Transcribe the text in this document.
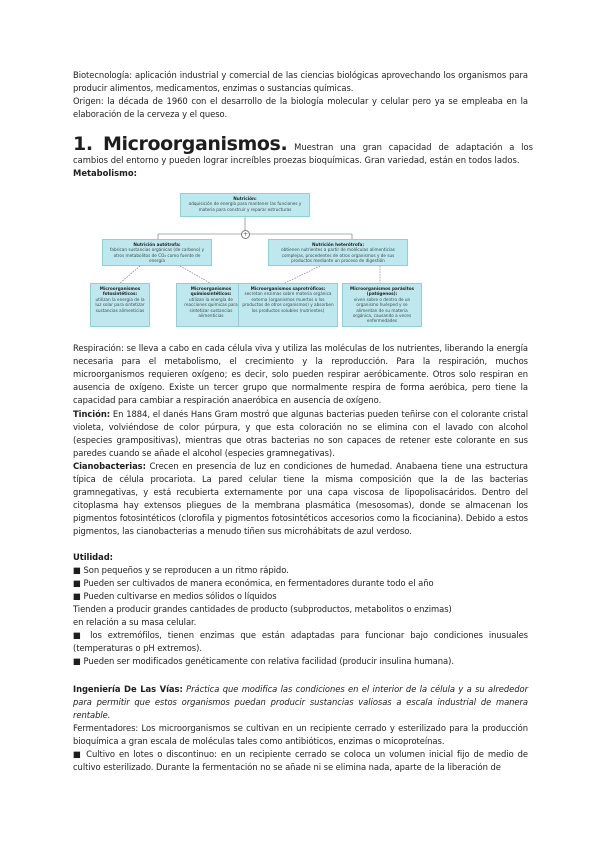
Biotecnología: aplicación industrial y comercial de las ciencias biológicas aprovechando los organismos para producir alimentos, medicamentos, enzimas o sustancias químicas.

Origen: la década de 1960 con el desarrollo de la biología molecular y celular pero ya se empleaba en la elaboración de la cerveza y el queso.

1. Microorganismos. Muestran una gran capacidad de adaptación a los cambios del entorno y pueden lograr increíbles proezas bioquímicas. Gran variedad, están en todos lados.
Metabolismo:
+
Nutrición:
adquisición de energía para mantener las funciones y materia para construir y reparar estructuras
Nutrición autótrofa:
fabrican sustancias orgánicas (de carbono) y otros metabolitos de CO₂ como fuente de energía
Nutrición heterótrofa:
obtienen nutrientes a partir de moléculas alimenticias complejas, procedentes de otros organismos y de sus productos mediante un proceso de digestión
Microorganismos fotosintéticos:
utilizan la energía de la luz solar para sintetizar sustancias alimenticias
Microorganismos quimiosintéticos:
utilizan la energía de reacciones químicas para sintetizar sustancias alimenticias
Microorganismos saprotróficos:
secretan enzimas sobre materia orgánica externa (organismos muertos o los productos de otros organismos) y absorben los productos solubles (nutrientes)
Microorganismos parásitos (patógenos):
viven sobre o dentro de un organismo huésped y se alimentan de su materia orgánica, causando a veces enfermedades

Respiración: se lleva a cabo en cada célula viva y utiliza las moléculas de los nutrientes, liberando la energía necesaria para el metabolismo, el crecimiento y la reproducción. Para la respiración, muchos microorganismos requieren oxígeno; es decir, solo pueden respirar aeróbicamente. Otros solo respiran en ausencia de oxígeno. Existe un tercer grupo que normalmente respira de forma aeróbica, pero tiene la capacidad para cambiar a respiración anaeróbica en ausencia de oxígeno.

Tinción: En 1884, el danés Hans Gram mostró que algunas bacterias pueden teñirse con el colorante cristal violeta, volviéndose de color púrpura, y que esta coloración no se elimina con el lavado con alcohol (especies grampositivas), mientras que otras bacterias no son capaces de retener este colorante en sus paredes cuando se añade el alcohol (especies gramnegativas).

Cianobacterias: Crecen en presencia de luz en condiciones de humedad. Anabaena tiene una estructura típica de célula procariota. La pared celular tiene la misma composición que la de las bacterias gramnegativas, y está recubierta externamente por una capa viscosa de lipopolisacáridos. Dentro del citoplasma hay extensos pliegues de la membrana plasmática (mesosomas), donde se almacenan los pigmentos fotosintéticos (clorofila y pigmentos fotosintéticos accesorios como la ficocianina). Debido a estos pigmentos, las cianobacterias a menudo tiñen sus microhábitats de azul verdoso.

Utilidad:

■ Son pequeños y se reproducen a un ritmo rápido.

■ Pueden ser cultivados de manera económica, en fermentadores durante todo el año

■ Pueden cultivarse en medios sólidos o líquidos

Tienden a producir grandes cantidades de producto (subproductos, metabolitos o enzimas)

en relación a su masa celular.

■ los extremófilos, tienen enzimas que están adaptadas para funcionar bajo condiciones inusuales (temperaturas o pH extremos).

■ Pueden ser modificados genéticamente con relativa facilidad (producir insulina humana).

Ingeniería De Las Vías: Práctica que modifica las condiciones en el interior de la célula y a su alrededor para permitir que estos organismos puedan producir sustancias valiosas a escala industrial de manera rentable.

Fermentadores: Los microorganismos se cultivan en un recipiente cerrado y esterilizado para la producción bioquímica a gran escala de moléculas tales como antibióticos, enzimas o micoproteínas.

■ Cultivo en lotes o discontinuo: en un recipiente cerrado se coloca un volumen inicial fijo de medio de cultivo esterilizado. Durante la fermentación no se añade ni se elimina nada, aparte de la liberación de
